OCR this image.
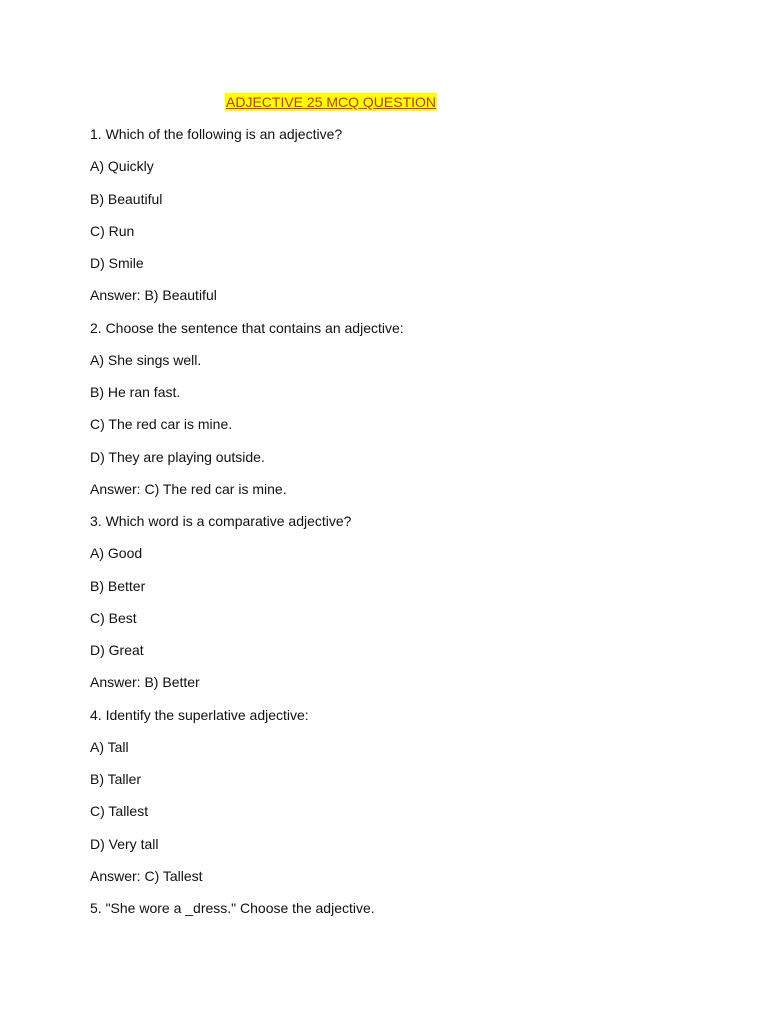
ADJECTIVE 25 MCQ QUESTION
1. Which of the following is an adjective?
A) Quickly
B) Beautiful
C) Run
D) Smile
Answer: B) Beautiful
2. Choose the sentence that contains an adjective:
A) She sings well.
B) He ran fast.
C) The red car is mine.
D) They are playing outside.
Answer: C) The red car is mine.
3. Which word is a comparative adjective?
A) Good
B) Better
C) Best
D) Great
Answer: B) Better
4. Identify the superlative adjective:
A) Tall
B) Taller
C) Tallest
D) Very tall
Answer: C) Tallest
5. "She wore a _dress." Choose the adjective.
